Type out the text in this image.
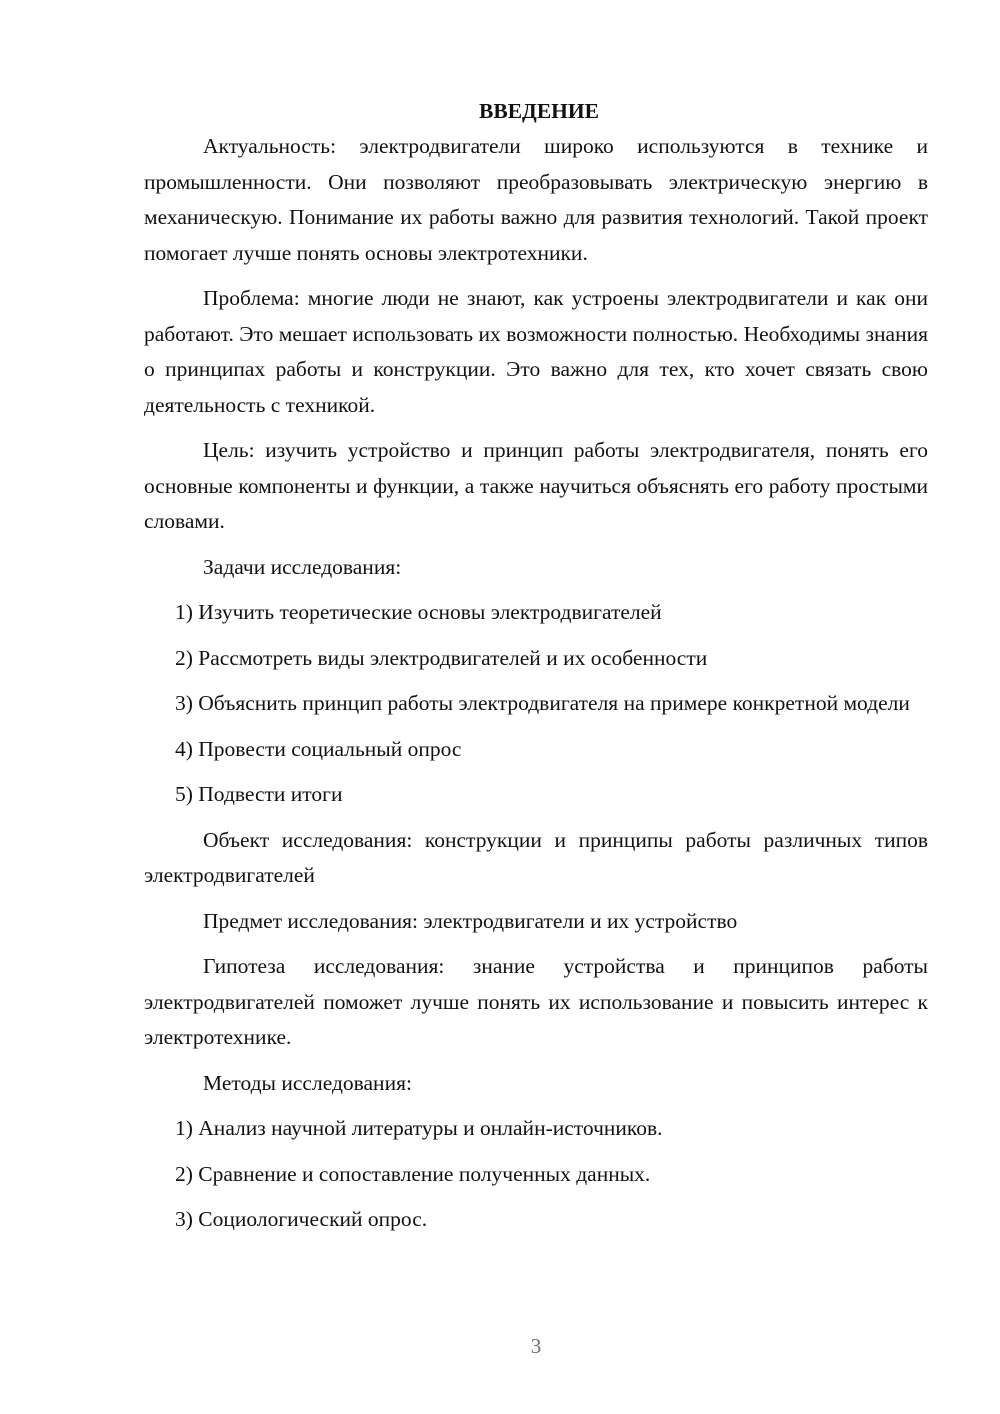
ВВЕДЕНИЕ

Актуальность: электродвигатели широко используются в технике и промышленности. Они позволяют преобразовывать электрическую энергию в механическую. Понимание их работы важно для развития технологий. Такой проект помогает лучше понять основы электротехники.

Проблема: многие люди не знают, как устроены электродвигатели и как они работают. Это мешает использовать их возможности полностью. Необходимы знания о принципах работы и конструкции. Это важно для тех, кто хочет связать свою деятельность с техникой.

Цель: изучить устройство и принцип работы электродвигателя, понять его основные компоненты и функции, а также научиться объяснять его работу простыми словами.

Задачи исследования:

1) Изучить теоретические основы электродвигателей

2) Рассмотреть виды электродвигателей и их особенности

3) Объяснить принцип работы электродвигателя на примере конкретной модели

4) Провести социальный опрос

5) Подвести итоги

Объект исследования: конструкции и принципы работы различных типов электродвигателей

Предмет исследования: электродвигатели и их устройство

Гипотеза исследования: знание устройства и принципов работы электродвигателей поможет лучше понять их использование и повысить интерес к электротехнике.

Методы исследования:

1) Анализ научной литературы и онлайн-источников.

2) Сравнение и сопоставление полученных данных.

3) Социологический опрос.

3
